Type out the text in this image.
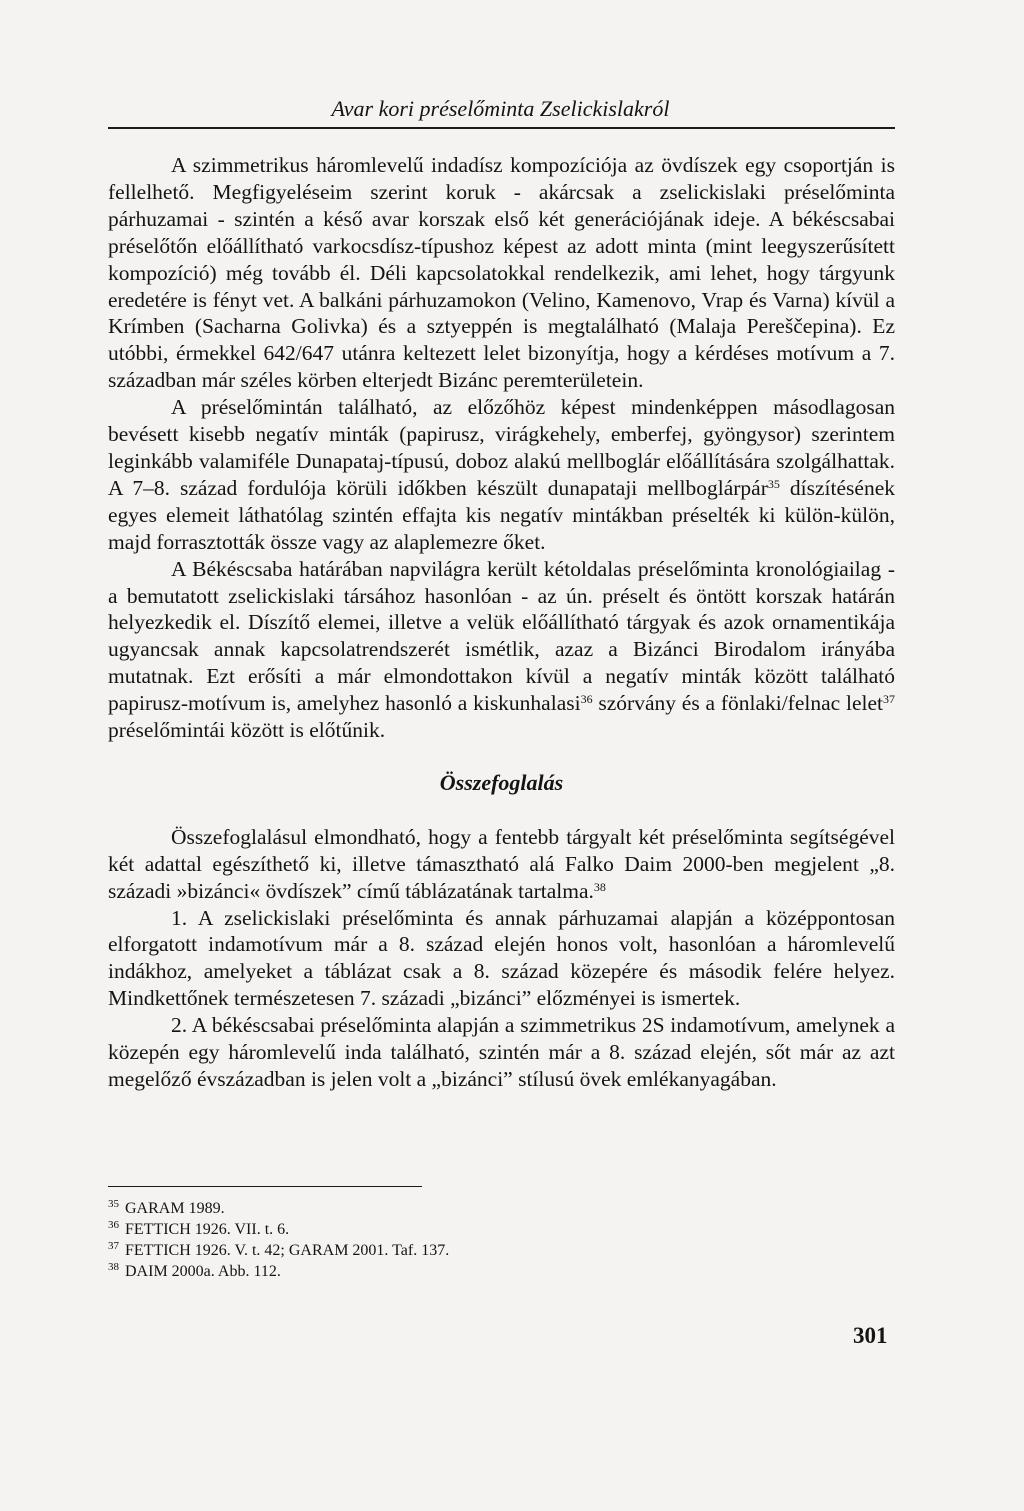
Avar kori préselőminta Zselickislakról

A szimmetrikus háromlevelű indadísz kompozíciója az övdíszek egy csoportján is fellelhető. Megfigyeléseim szerint koruk - akárcsak a zselickislaki préselőminta párhuzamai - szintén a késő avar korszak első két generációjának ideje. A békéscsabai préselőtőn előállítható varkocsdísz-típushoz képest az adott minta (mint leegyszerűsített kompozíció) még tovább él. Déli kapcsolatokkal rendelkezik, ami lehet, hogy tárgyunk eredetére is fényt vet. A balkáni párhuzamokon (Velino, Kamenovo, Vrap és Varna) kívül a Krímben (Sacharna Golivka) és a sztyeppén is megtalálható (Malaja Pereščepina). Ez utóbbi, érmekkel 642/647 utánra keltezett lelet bizonyítja, hogy a kérdéses motívum a 7. században már széles körben elterjedt Bizánc peremterületein.

A préselőmintán található, az előzőhöz képest mindenképpen másodlagosan bevésett kisebb negatív minták (papirusz, virágkehely, emberfej, gyöngysor) szerintem leginkább valamiféle Dunapataj-típusú, doboz alakú mellboglár előállítására szolgálhattak. A 7–8. század fordulója körüli időkben készült dunapataji mellboglárpár$^{35}$ díszítésének egyes elemeit láthatólag szintén effajta kis negatív mintákban préselték ki külön-külön, majd forrasztották össze vagy az alaplemezre őket.

A Békéscsaba határában napvilágra került kétoldalas préselőminta kronológiailag - a bemutatott zselickislaki társához hasonlóan - az ún. préselt és öntött korszak határán helyezkedik el. Díszítő elemei, illetve a velük előállítható tárgyak és azok ornamentikája ugyancsak annak kapcsolatrendszerét ismétlik, azaz a Bizánci Birodalom irányába mutatnak. Ezt erősíti a már elmondottakon kívül a negatív minták között található papirusz-motívum is, amelyhez hasonló a kiskunhalasi$^{36}$ szórvány és a fönlaki/felnac lelet$^{37}$ préselőmintái között is előtűnik.

Összefoglalás

Összefoglalásul elmondható, hogy a fentebb tárgyalt két préselőminta segítségével két adattal egészíthető ki, illetve támasztható alá Falko Daim 2000-ben megjelent „8. századi »bizánci« övdíszek” című táblázatának tartalma.$^{38}$

1. A zselickislaki préselőminta és annak párhuzamai alapján a középpontosan elforgatott indamotívum már a 8. század elején honos volt, hasonlóan a háromlevelű indákhoz, amelyeket a táblázat csak a 8. század közepére és második felére helyez. Mindkettőnek természetesen 7. századi „bizánci” előzményei is ismertek.

2. A békéscsabai préselőminta alapján a szimmetrikus 2S indamotívum, amelynek a közepén egy háromlevelű inda található, szintén már a 8. század elején, sőt már az azt megelőző évszázadban is jelen volt a „bizánci” stílusú övek emlékanyagában.

$^{35}$ GARAM 1989.

$^{36}$ FETTICH 1926. VII. t. 6.

$^{37}$ FETTICH 1926. V. t. 42; GARAM 2001. Taf. 137.

$^{38}$ DAIM 2000a. Abb. 112.

301
